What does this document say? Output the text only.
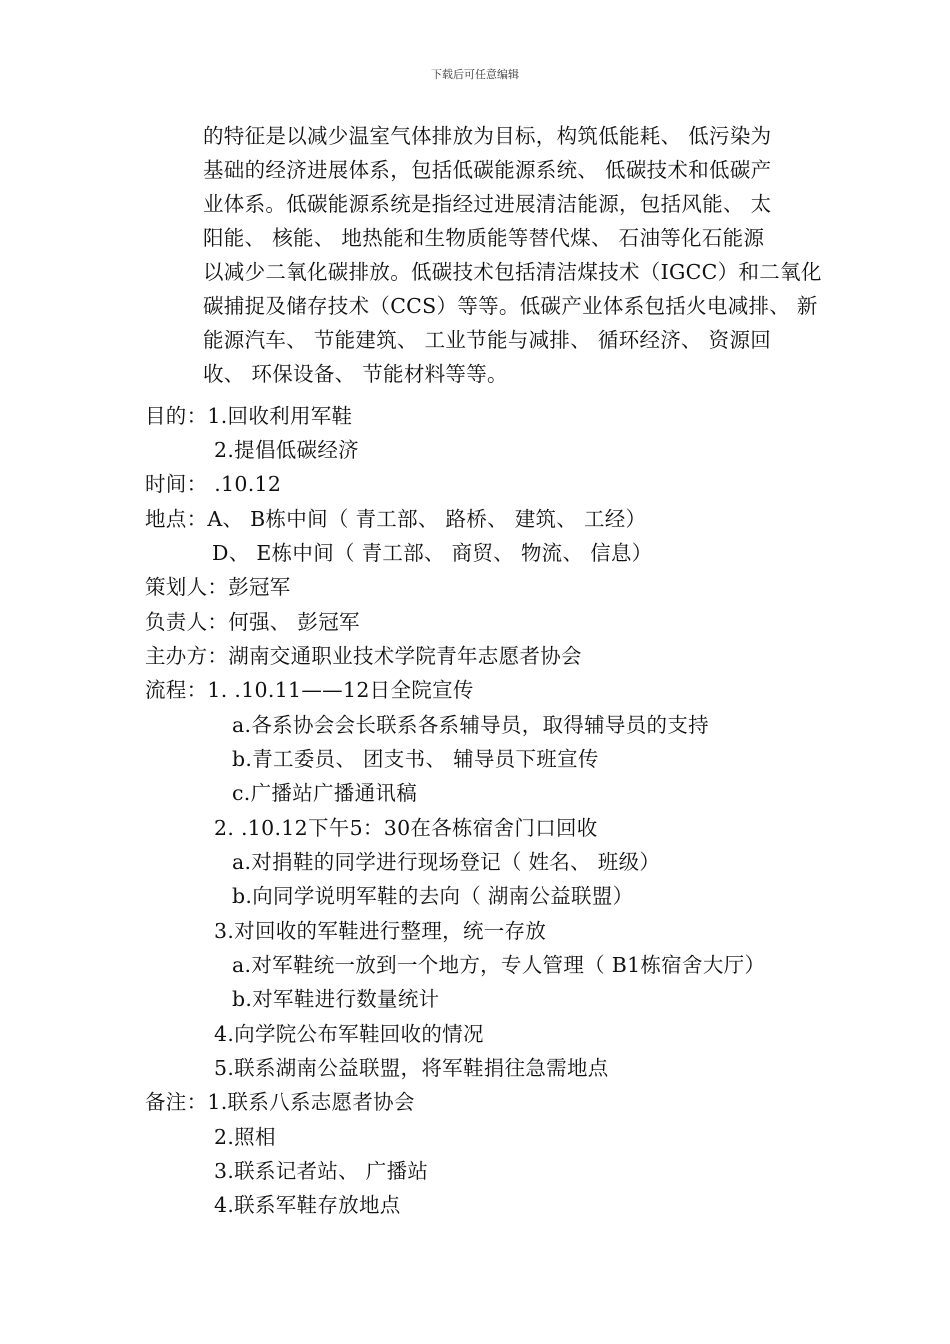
下载后可任意编辑
的特征是以减少温室气体排放为目标，构筑低能耗、 低污染为
基础的经济进展体系，包括低碳能源系统、 低碳技术和低碳产
业体系。低碳能源系统是指经过进展清洁能源，包括风能、 太
阳能、 核能、 地热能和生物质能等替代煤、 石油等化石能源
以减少二氧化碳排放。低碳技术包括清洁煤技术（IGCC）和二氧化
碳捕捉及储存技术（CCS）等等。低碳产业体系包括火电减排、 新
能源汽车、 节能建筑、 工业节能与减排、 循环经济、 资源回
收、 环保设备、 节能材料等等。
目的：1.回收利用军鞋
2.提倡低碳经济
时间： .10.12
地点：A、 B栋中间（ 青工部、 路桥、 建筑、 工经）
D、 E栋中间（ 青工部、 商贸、 物流、 信息）
策划人：彭冠军
负责人：何强、 彭冠军
主办方：湖南交通职业技术学院青年志愿者协会
流程：1. .10.11——12日全院宣传
a.各系协会会长联系各系辅导员，取得辅导员的支持
b.青工委员、 团支书、 辅导员下班宣传
c.广播站广播通讯稿
2. .10.12下午5：30在各栋宿舍门口回收
a.对捐鞋的同学进行现场登记（ 姓名、 班级）
b.向同学说明军鞋的去向（ 湖南公益联盟）
3.对回收的军鞋进行整理，统一存放
a.对军鞋统一放到一个地方，专人管理（ B1栋宿舍大厅）
b.对军鞋进行数量统计
4.向学院公布军鞋回收的情况
5.联系湖南公益联盟，将军鞋捐往急需地点
备注：1.联系八系志愿者协会
2.照相
3.联系记者站、 广播站
4.联系军鞋存放地点
